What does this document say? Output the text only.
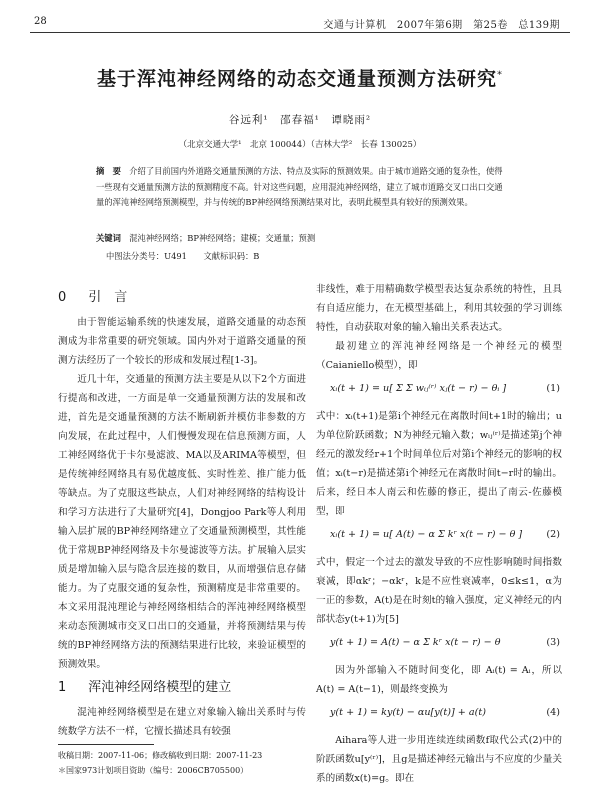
28	交通与计算机　2007年第6期　第25卷　总139期
基于浑沌神经网络的动态交通量预测方法研究*
谷远利¹　邵春福¹　谭晓雨²
（北京交通大学¹　北京 100044）（吉林大学²　长春 130025）
摘　要　 介绍了目前国内外道路交通量预测的方法、特点及实际的预测效果。由于城市道路交通的复杂性，使得一些现有交通量预测方法的预测精度不高。针对这些问题，应用混沌神经网络，建立了城市道路交叉口出口交通量的浑沌神经网络预测模型，并与传统的BP神经网络预测结果对比，表明此模型具有较好的预测效果。
关键词　 混沌神经网络；BP神经网络；建模；交通量；预测
中图法分类号：U491　　文献标识码：B
0 引　言

由于智能运输系统的快速发展，道路交通量的动态预测成为非常重要的研究领域。国内外对于道路交通量的预测方法经历了一个较长的形成和发展过程[1-3]。

近几十年，交通量的预测方法主要是从以下2个方面进行提高和改进，一方面是单一交通量预测方法的发展和改进，首先是交通量预测的方法不断刷新并模仿非参数的方向发展，在此过程中，人们慢慢发现在信息预测方面，人工神经网络优于卡尔曼滤波、MA以及ARIMA等模型，但是传统神经网络具有易优越度低、实时性差、推广能力低等缺点。为了克服这些缺点，人们对神经网络的结构设计和学习方法进行了大量研究[4]，Dongjoo Park等人利用输入层扩展的BP神经网络建立了交通量预测模型，其性能优于常规BP神经网络及卡尔曼滤波等方法。扩展输入层实质是增加输入层与隐含层连接的数目，从而增强信息存储能力。为了克服交通的复杂性，预测精度是非常重要的。本文采用混沌理论与神经网络相结合的浑沌神经网络模型来动态预测城市交叉口出口的交通量，并将预测结果与传统的BP神经网络方法的预测结果进行比较，来验证模型的预测效果。

1 浑沌神经网络模型的建立

混沌神经网络模型是在建立对象输入输出关系时与传统数学方法不一样，它擅长描述具有较强

非线性，难于用精确数学模型表达复杂系统的特性，且具有自适应能力，在无模型基础上，利用其较强的学习训练特性，自动获取对象的输入输出关系表达式。

最初建立的浑沌神经网络是一个神经元的模型（Caianiello模型），即

xᵢ(t + 1) = u[ Σ Σ wᵢⱼ⁽ʳ⁾ xⱼ(t − r) − θᵢ ]	(1)

式中：xᵢ(t+1)是第i个神经元在离散时间t+1时的输出；u为单位阶跃函数；N为神经元输入数；wᵢⱼ⁽ʳ⁾是描述第j个神经元的激发经r+1个时间单位后对第i个神经元的影响的权值；xᵢ(t−r)是描述第i个神经元在离散时间t−r时的输出。后来，经日本人南云和佐藤的修正，提出了南云-佐藤模型，即

xᵢ(t + 1) = u[ A(t) − α Σ kʳ x(t − r) − θ ]	(2)

式中，假定一个过去的激发导致的不应性影响随时间指数衰减，即αkʳ；−αkʳ，k是不应性衰减率，0≤k≤1，α为一正的参数，A(t)是在时刻t的输入强度，定义神经元的内部状态y(t+1)为[5]

y(t + 1) = A(t) − α Σ kʳ x(t − r) − θ	(3)

因为外部输入不随时间变化，即 Aᵢ(t) = Aᵢ，所以 A(t) = A(t−1)，则最终变换为

y(t + 1) = ky(t) − αu[y(t)] + a(t)	(4)

Aihara等人进一步用连续连续函数f取代公式(2)中的阶跃函数u[y⁽ʳ⁾]，且g是描述神经元输出与不应度的少量关系的函数x(t)=g。即在

收稿日期：2007-11-06；修改稿收到日期：2007-11-23
＊国家973计划项目资助（编号：2006CB705500）
